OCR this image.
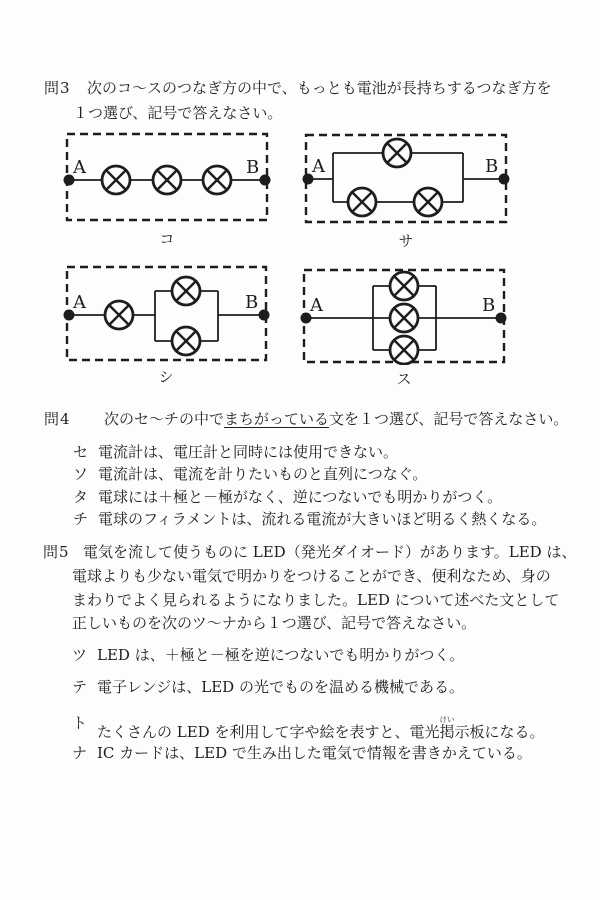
問3	次のコ～スのつなぎ方の中で、もっとも電池が長持ちするつなぎ方を
１つ選び、記号で答えなさい。
A	B
コ
A	B
サ
A	B
シ
A	B
ス
問4	次のセ～チの中でまちがっている文を１つ選び、記号で答えなさい。
セ 電流計は、電圧計と同時には使用できない。
ソ 電流計は、電流を計りたいものと直列につなぐ。
タ 電球には＋極と－極がなく、逆につないでも明かりがつく。
チ 電球のフィラメントは、流れる電流が大きいほど明るく熱くなる。
問5 電気を流して使うものに LED（発光ダイオード）があります。LED は、
電球よりも少ない電気で明かりをつけることができ、便利なため、身の
まわりでよく見られるようになりました。LED について述べた文として
正しいものを次のツ～ナから１つ選び、記号で答えなさい。
ツ LED は、＋極と－極を逆につないでも明かりがつく。
テ 電子レンジは、LED の光でものを温める機械である。
ト たくさんの LED を利用して字や絵を表すと、電光掲けい示板になる。
ナ IC カードは、LED で生み出した電気で情報を書きかえている。
